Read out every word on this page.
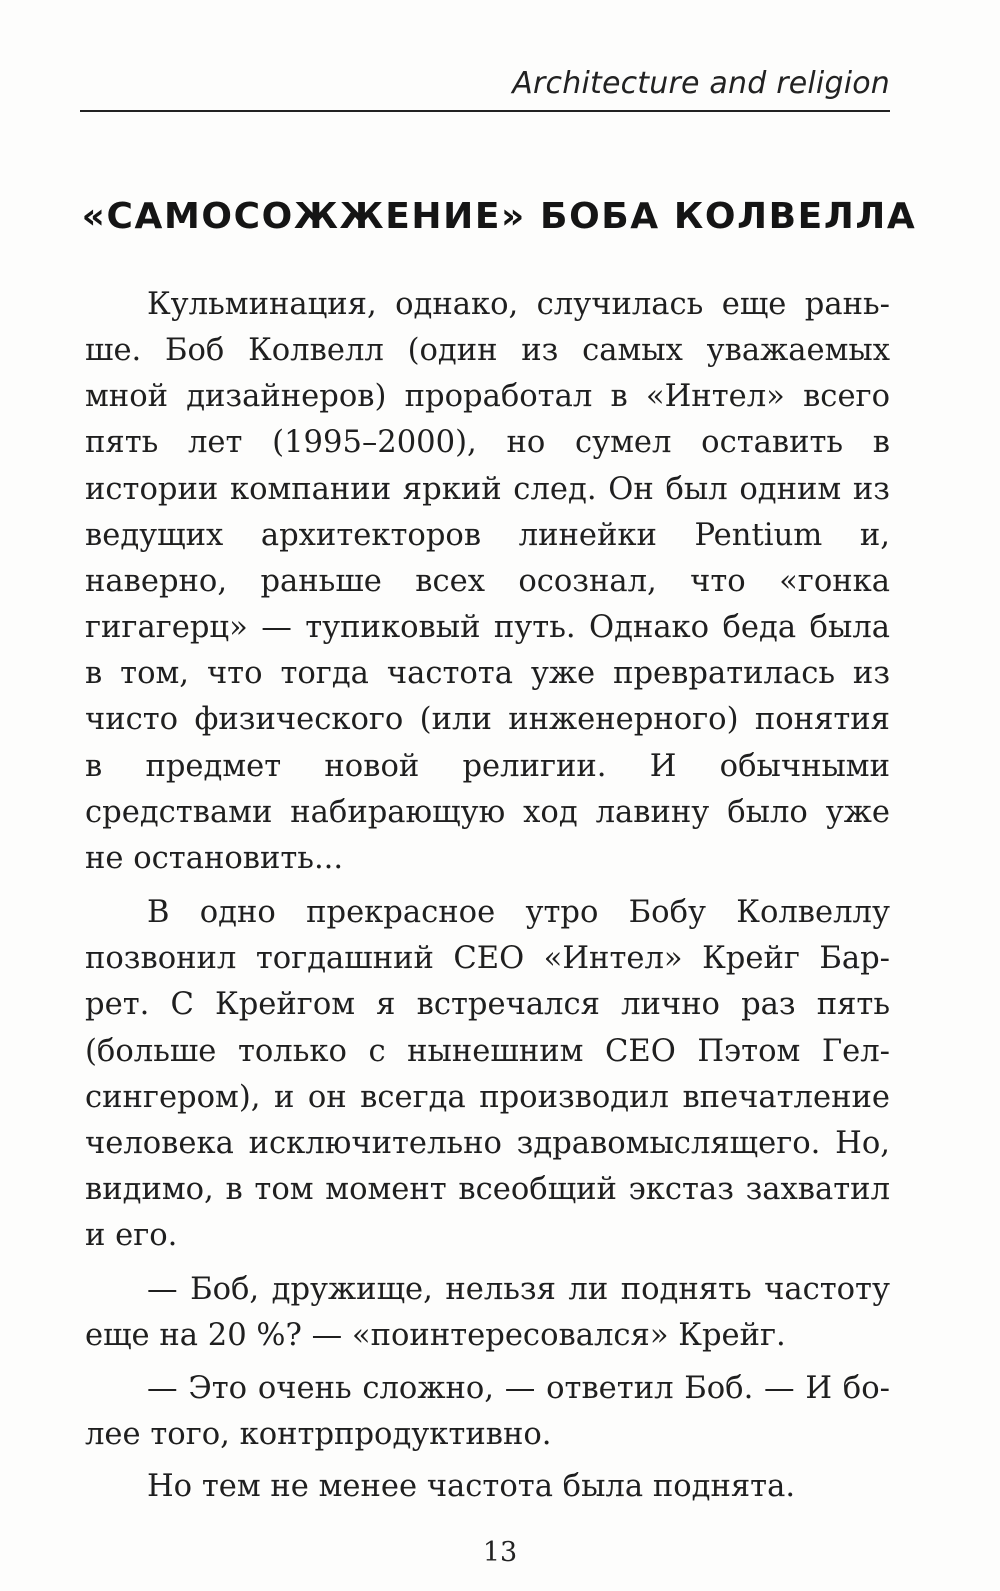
Architecture and religion
«САМОСОЖЖЕНИЕ» БОБА КОЛВЕЛЛА

Кульминация, однако, случилась еще раньше. Боб Колвелл (один из самых уважаемых мной дизайнеров) проработал в «Интел» всего пять лет (1995–2000), но сумел оставить в истории компании яркий след. Он был одним из ведущих архитекторов линейки Pentium и, наверно, раньше всех осознал, что «гонка гигагерц» — тупиковый путь. Однако беда была в том, что тогда частота уже превратилась из чисто физического (или инженерного) понятия в предмет новой религии. И обычными средствами набирающую ход лавину было уже не остановить...

В одно прекрасное утро Бобу Колвеллу позвонил тогдашний CEO «Интел» Крейг Баррет. С Крейгом я встречался лично раз пять (больше только с нынешним CEO Пэтом Гелсингером), и он всегда производил впечатление человека исключительно здравомыслящего. Но, видимо, в том момент всеобщий экстаз захватил и его.

— Боб, дружище, нельзя ли поднять частоту еще на 20 %? — «поинтересовался» Крейг.

— Это очень сложно, — ответил Боб. — И более того, контрпродуктивно.

Но тем не менее частота была поднята.

13
